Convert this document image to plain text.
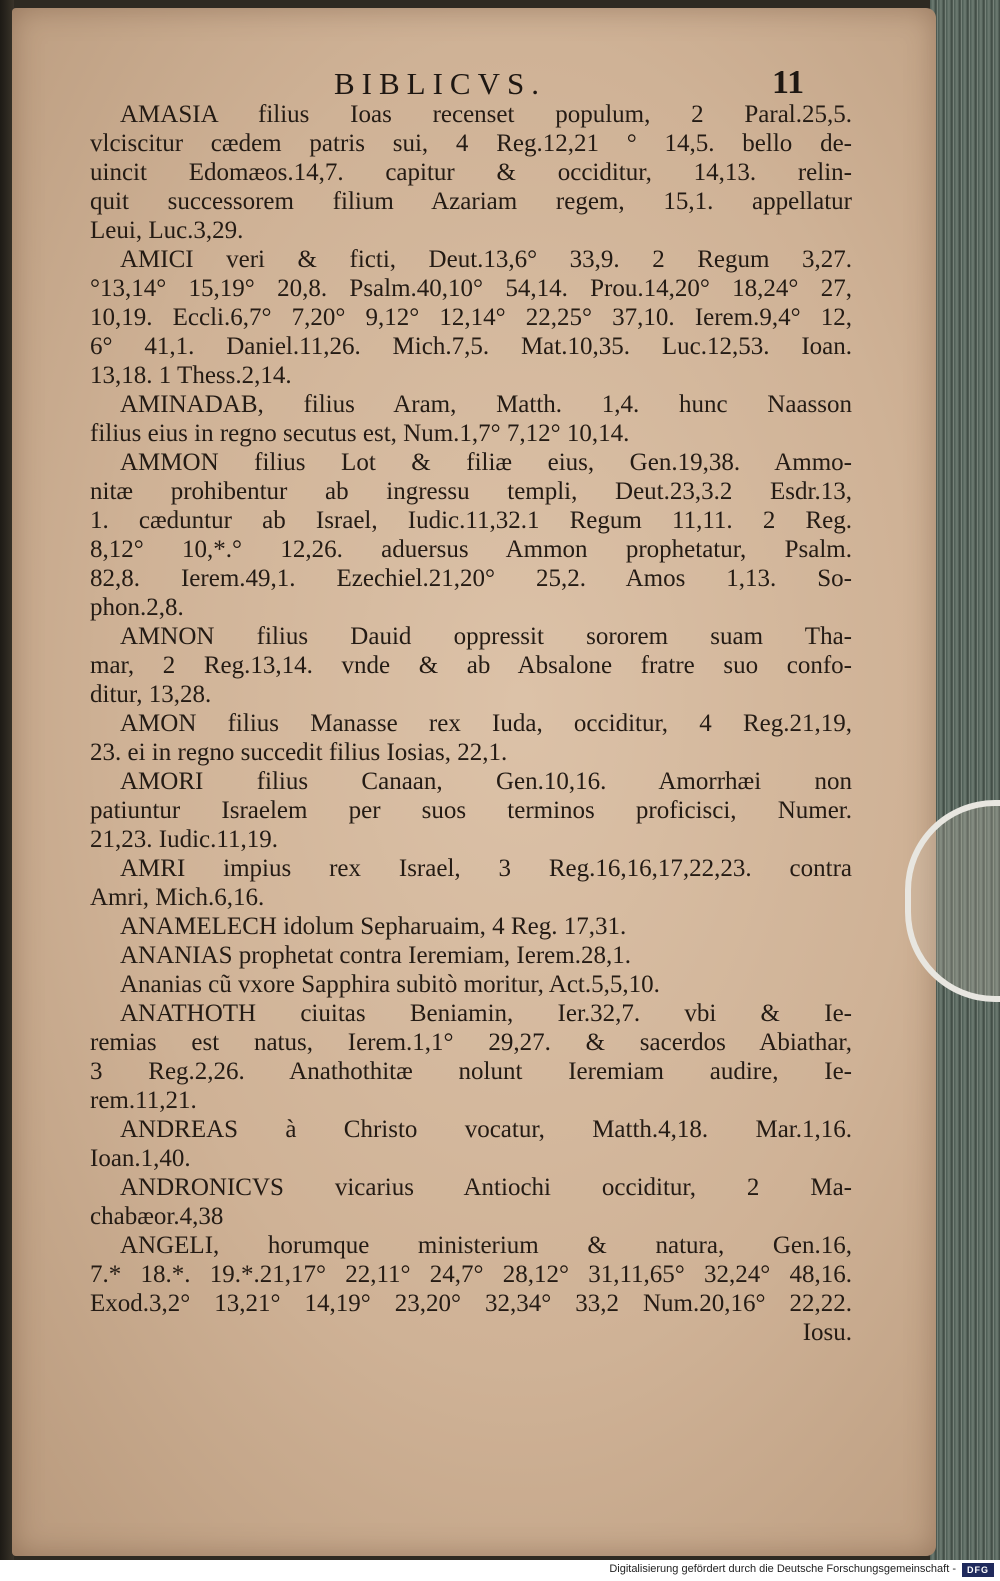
BIBLICVS.	11
AMASIA filius Ioas recenset populum, 2 Paral.25,5.
vlciscitur cædem patris sui, 4 Reg.12,21 ° 14,5. bello de-
uincit Edomæos.14,7. capitur & occiditur, 14,13. relin-
quit successorem filium Azariam regem, 15,1. appellatur
Leui, Luc.3,29.
AMICI veri & ficti, Deut.13,6° 33,9. 2 Regum 3,27.
°13,14° 15,19° 20,8. Psalm.40,10° 54,14. Prou.14,20° 18,24° 27,
10,19. Eccli.6,7° 7,20° 9,12° 12,14° 22,25° 37,10. Ierem.9,4° 12,
6° 41,1. Daniel.11,26. Mich.7,5. Mat.10,35. Luc.12,53. Ioan.
13,18. 1 Thess.2,14.
AMINADAB, filius Aram, Matth. 1,4. hunc Naasson
filius eius in regno secutus est, Num.1,7° 7,12° 10,14.
AMMON filius Lot & filiæ eius, Gen.19,38. Ammo-
nitæ prohibentur ab ingressu templi, Deut.23,3.2 Esdr.13,
1. cæduntur ab Israel, Iudic.11,32.1 Regum 11,11. 2 Reg.
8,12° 10,*.° 12,26. aduersus Ammon prophetatur, Psalm.
82,8. Ierem.49,1. Ezechiel.21,20° 25,2. Amos 1,13. So-
phon.2,8.
AMNON filius Dauid oppressit sororem suam Tha-
mar, 2 Reg.13,14. vnde & ab Absalone fratre suo confo-
ditur, 13,28.
AMON filius Manasse rex Iuda, occiditur, 4 Reg.21,19,
23. ei in regno succedit filius Iosias, 22,1.
AMORI filius Canaan, Gen.10,16. Amorrhæi non
patiuntur Israelem per suos terminos proficisci, Numer.
21,23. Iudic.11,19.
AMRI impius rex Israel, 3 Reg.16,16,17,22,23. contra
Amri, Mich.6,16.
ANAMELECH idolum Sepharuaim, 4 Reg. 17,31.
ANANIAS prophetat contra Ieremiam, Ierem.28,1.
Ananias cũ vxore Sapphira subitò moritur, Act.5,5,10.
ANATHOTH ciuitas Beniamin, Ier.32,7. vbi & Ie-
remias est natus, Ierem.1,1° 29,27. & sacerdos Abiathar,
3 Reg.2,26. Anathothitæ nolunt Ieremiam audire, Ie-
rem.11,21.
ANDREAS à Christo vocatur, Matth.4,18. Mar.1,16.
Ioan.1,40.
ANDRONICVS vicarius Antiochi occiditur, 2 Ma-
chabæor.4,38
ANGELI, horumque ministerium & natura, Gen.16,
7.* 18.*. 19.*.21,17° 22,11° 24,7° 28,12° 31,11,65° 32,24° 48,16.
Exod.3,2° 13,21° 14,19° 23,20° 32,34° 33,2 Num.20,16° 22,22.
Iosu.
Digitalisierung gefördert durch die Deutsche Forschungsgemeinschaft -	DFG
